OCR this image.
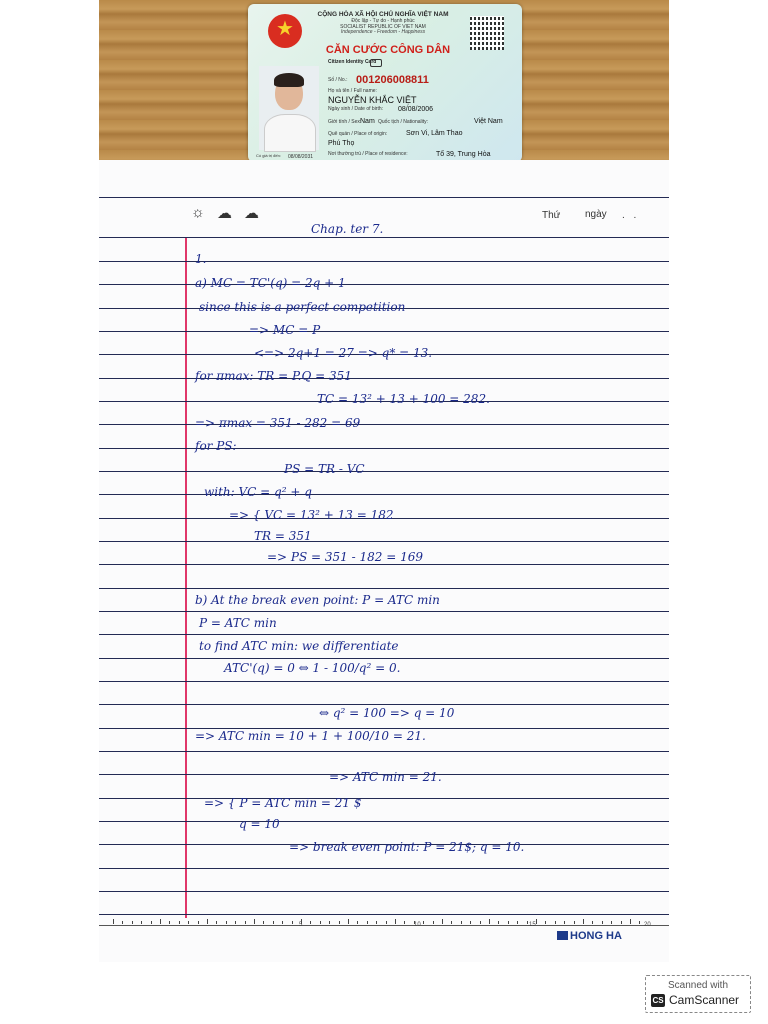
★
CỘNG HÒA XÃ HỘI CHỦ NGHĨA VIỆT NAM
Độc lập - Tự do - Hạnh phúc
SOCIALIST REPUBLIC OF VIET NAM
Independence - Freedom - Happiness
CĂN CƯỚC CÔNG DÂN
Citizen Identity Card
Số / No.: 001206008811
Họ và tên / Full name:
NGUYỄN KHẮC VIỆT
Ngày sinh / Date of birth: 08/08/2006
Giới tính / Sex:
Nam Quốc tịch / Nationality:	Việt Nam
Quê quán / Place of origin:	Sơn Vi, Lâm Thao
Phú Thọ
Nơi thường trú / Place of residence:	Tổ 39, Trung Hòa
Có giá trị đến: 08/08/2031
☼ ☁ ☁	Thứ ngày . .
HONG HA
5	10	15	20
Chap. ter 7.
1.
a) MC = TC'(q) = 2q + 1
since this is a perfect competition
=> MC = P
<=> 2q+1 = 27 => q* = 13.
for πmax: TR = P.Q = 351
TC = 13² + 13 + 100 = 282.
=> πmax = 351 - 282 = 69
for PS:
PS = TR - VC
with: VC = q² + q
=> { VC = 13² + 13 = 182
TR = 351
=> PS = 351 - 182 = 169
b) At the break even point: P = ATC min
P = ATC min
to find ATC min: we differentiate
ATC'(q) = 0 ⇔ 1 - 100/q² = 0.
⇔ q² = 100 => q = 10
=> ATC min = 10 + 1 + 100/10 = 21.
=> ATC min = 21.
=> { P = ATC min = 21 $
q = 10
=> break even point: P = 21$; q = 10.
Scanned with
CS CamScanner
